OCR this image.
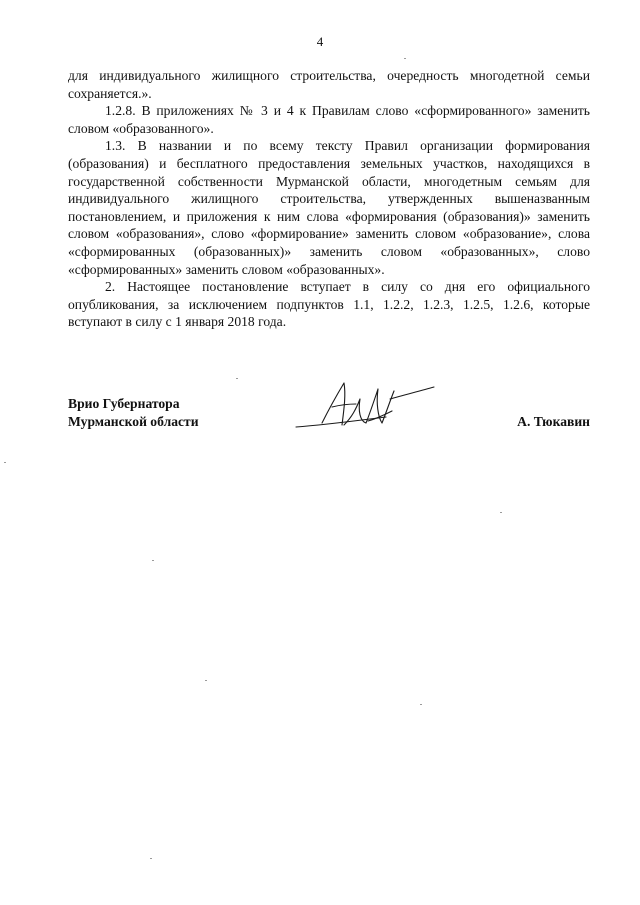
4

для индивидуального жилищного строительства, очередность многодетной семьи сохраняется.».

1.2.8. В приложениях № 3 и 4 к Правилам слово «сформированного» заменить словом «образованного».

1.3. В названии и по всему тексту Правил организации формирования (образования) и бесплатного предоставления земельных участков, находящихся в государственной собственности Мурманской области, многодетным семьям для индивидуального жилищного строительства, утвержденных вышеназванным постановлением, и приложения к ним слова «формирования (образования)» заменить словом «образования», слово «формирование» заменить словом «образование», слова «сформированных (образованных)» заменить словом «образованных», слово «сформированных» заменить словом «образованных».

2. Настоящее постановление вступает в силу со дня его официального опубликования, за исключением подпунктов 1.1, 1.2.2, 1.2.3, 1.2.5, 1.2.6, которые вступают в силу с 1 января 2018 года.

Врио Губернатора
Мурманской области	А. Тюкавин
